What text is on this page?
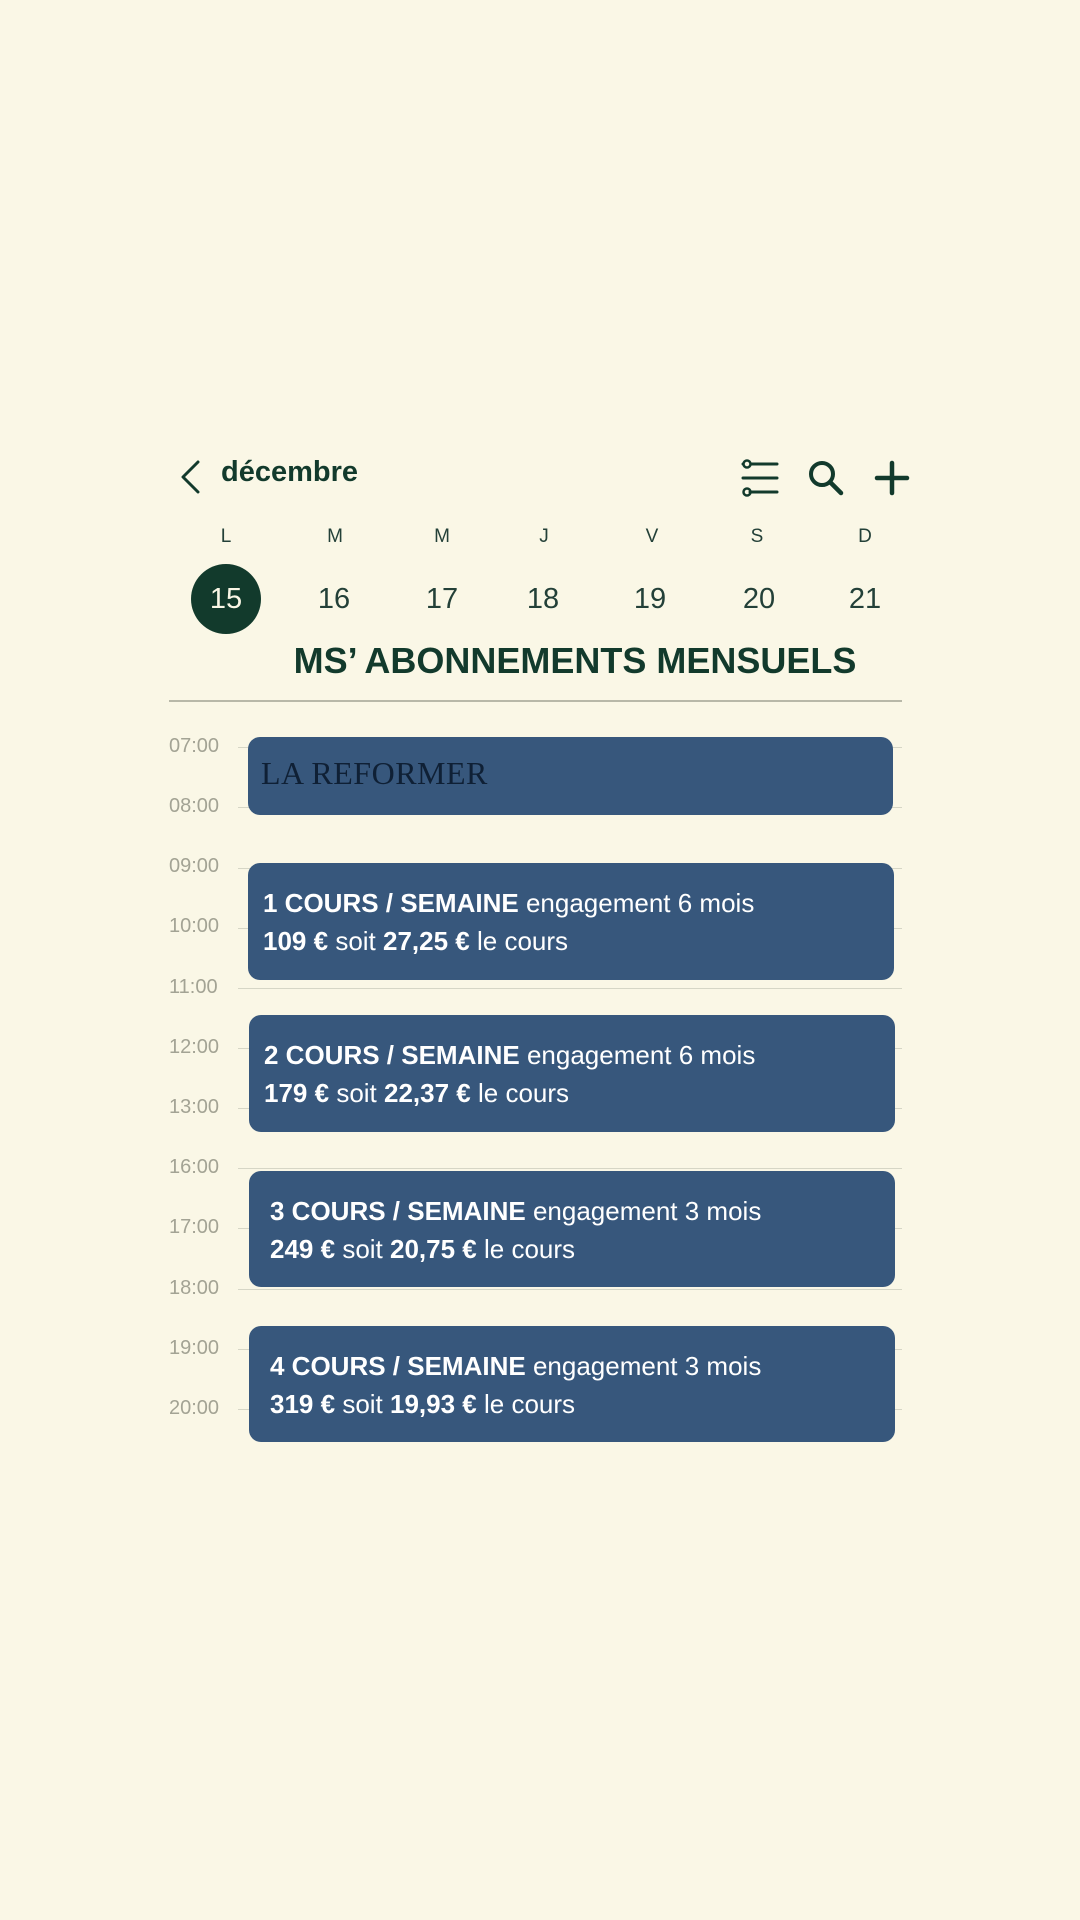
décembre
L	M	M	J	V	S	D
15	16	17	18	19	20	21
MS’ ABONNEMENTS MENSUELS
07:00
08:00
09:00
10:00
11:00
12:00
13:00
16:00
17:00
18:00
19:00
20:00
LA REFORMER
1 COURS / SEMAINE engagement 6 mois
109 € soit 27,25 € le cours
2 COURS / SEMAINE engagement 6 mois
179 € soit 22,37 € le cours
3 COURS / SEMAINE engagement 3 mois
249 € soit 20,75 € le cours
4 COURS / SEMAINE engagement 3 mois
319 € soit 19,93 € le cours
